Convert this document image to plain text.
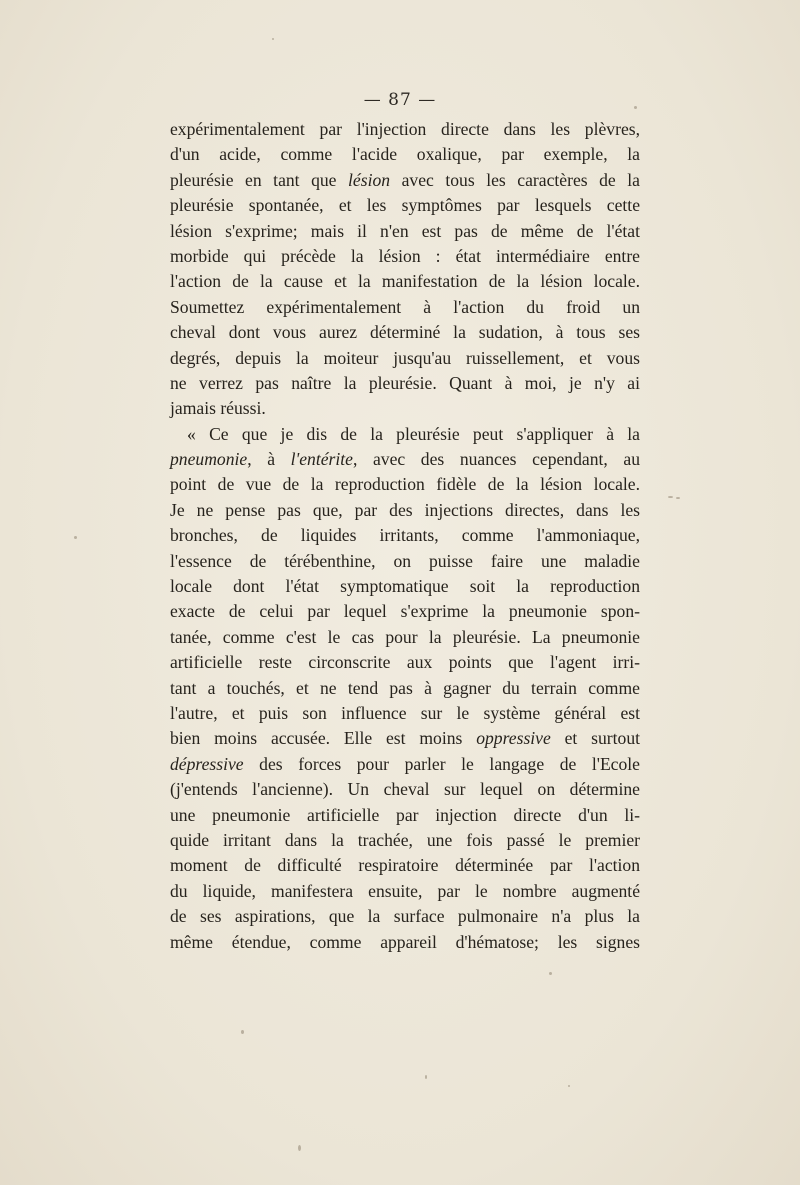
— 87 —
expérimentalement par l'injection directe dans les plèvres,
d'un acide, comme l'acide oxalique, par exemple, la
pleurésie en tant que lésion avec tous les caractères de la
pleurésie spontanée, et les symptômes par lesquels cette
lésion s'exprime; mais il n'en est pas de même de l'état
morbide qui précède la lésion : état intermédiaire entre
l'action de la cause et la manifestation de la lésion locale.
Soumettez expérimentalement à l'action du froid un
cheval dont vous aurez déterminé la sudation, à tous ses
degrés, depuis la moiteur jusqu'au ruissellement, et vous
ne verrez pas naître la pleurésie. Quant à moi, je n'y ai
jamais réussi.
« Ce que je dis de la pleurésie peut s'appliquer à la
pneumonie, à l'entérite, avec des nuances cependant, au
point de vue de la reproduction fidèle de la lésion locale.
Je ne pense pas que, par des injections directes, dans les
bronches, de liquides irritants, comme l'ammoniaque,
l'essence de térébenthine, on puisse faire une maladie
locale dont l'état symptomatique soit la reproduction
exacte de celui par lequel s'exprime la pneumonie spon-
tanée, comme c'est le cas pour la pleurésie. La pneumonie
artificielle reste circonscrite aux points que l'agent irri-
tant a touchés, et ne tend pas à gagner du terrain comme
l'autre, et puis son influence sur le système général est
bien moins accusée. Elle est moins oppressive et surtout
dépressive des forces pour parler le langage de l'Ecole
(j'entends l'ancienne). Un cheval sur lequel on détermine
une pneumonie artificielle par injection directe d'un li-
quide irritant dans la trachée, une fois passé le premier
moment de difficulté respiratoire déterminée par l'action
du liquide, manifestera ensuite, par le nombre augmenté
de ses aspirations, que la surface pulmonaire n'a plus la
même étendue, comme appareil d'hématose; les signes
